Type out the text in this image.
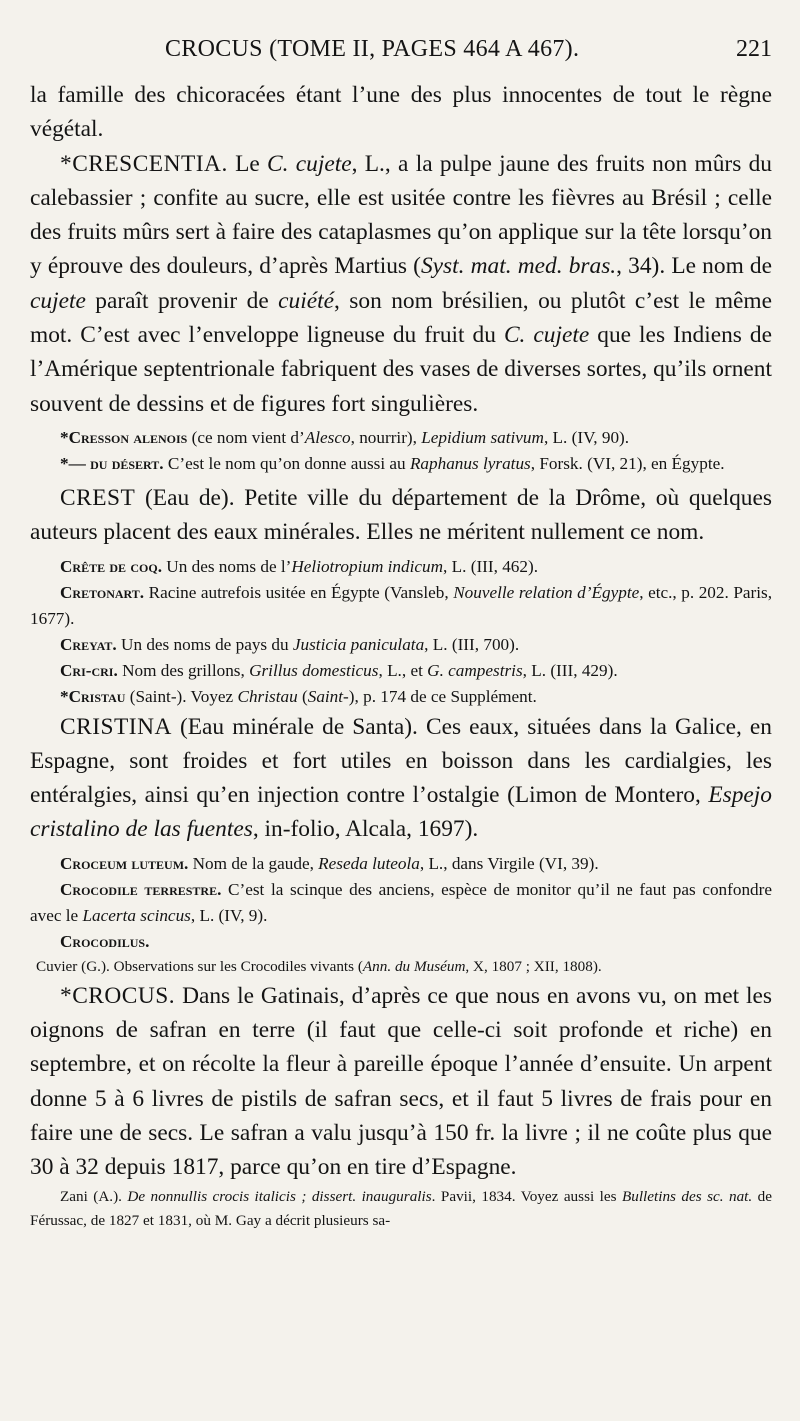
CROCUS (TOME II, PAGES 464 A 467).	221

la famille des chicoracées étant l’une des plus innocentes de tout le règne végétal.

*CRESCENTIA. Le C. cujete, L., a la pulpe jaune des fruits non mûrs du calebassier ; confite au sucre, elle est usitée contre les fièvres au Brésil ; celle des fruits mûrs sert à faire des cataplasmes qu’on applique sur la tête lorsqu’on y éprouve des douleurs, d’après Martius (Syst. mat. med. bras., 34). Le nom de cujete paraît provenir de cuiété, son nom brésilien, ou plutôt c’est le même mot. C’est avec l’enveloppe ligneuse du fruit du C. cujete que les Indiens de l’Amérique septentrionale fabriquent des vases de diverses sortes, qu’ils ornent souvent de dessins et de figures fort singulières.

*Cresson alenois (ce nom vient d’Alesco, nourrir), Lepidium sativum, L. (IV, 90).

*— du désert. C’est le nom qu’on donne aussi au Raphanus lyratus, Forsk. (VI, 21), en Égypte.

CREST (Eau de). Petite ville du département de la Drôme, où quelques auteurs placent des eaux minérales. Elles ne méritent nullement ce nom.

Crête de coq. Un des noms de l’Heliotropium indicum, L. (III, 462).

Cretonart. Racine autrefois usitée en Égypte (Vansleb, Nouvelle relation d’Égypte, etc., p. 202. Paris, 1677).

Creyat. Un des noms de pays du Justicia paniculata, L. (III, 700).

Cri-cri. Nom des grillons, Grillus domesticus, L., et G. campestris, L. (III, 429).

*Cristau (Saint-). Voyez Christau (Saint-), p. 174 de ce Supplément.

CRISTINA (Eau minérale de Santa). Ces eaux, situées dans la Galice, en Espagne, sont froides et fort utiles en boisson dans les cardialgies, les entéralgies, ainsi qu’en injection contre l’ostalgie (Limon de Montero, Espejo cristalino de las fuentes, in-folio, Alcala, 1697).

Croceum luteum. Nom de la gaude, Reseda luteola, L., dans Virgile (VI, 39).

Crocodile terrestre. C’est la scinque des anciens, espèce de monitor qu’il ne faut pas confondre avec le Lacerta scincus, L. (IV, 9).

Crocodilus.

Cuvier (G.). Observations sur les Crocodiles vivants (Ann. du Muséum, X, 1807 ; XII, 1808).

*CROCUS. Dans le Gatinais, d’après ce que nous en avons vu, on met les oignons de safran en terre (il faut que celle-ci soit profonde et riche) en septembre, et on récolte la fleur à pareille époque l’année d’ensuite. Un arpent donne 5 à 6 livres de pistils de safran secs, et il faut 5 livres de frais pour en faire une de secs. Le safran a valu jusqu’à 150 fr. la livre ; il ne coûte plus que 30 à 32 depuis 1817, parce qu’on en tire d’Espagne.

Zani (A.). De nonnullis crocis italicis ; dissert. inauguralis. Pavii, 1834. Voyez aussi les Bulletins des sc. nat. de Férussac, de 1827 et 1831, où M. Gay a décrit plusieurs sa-
